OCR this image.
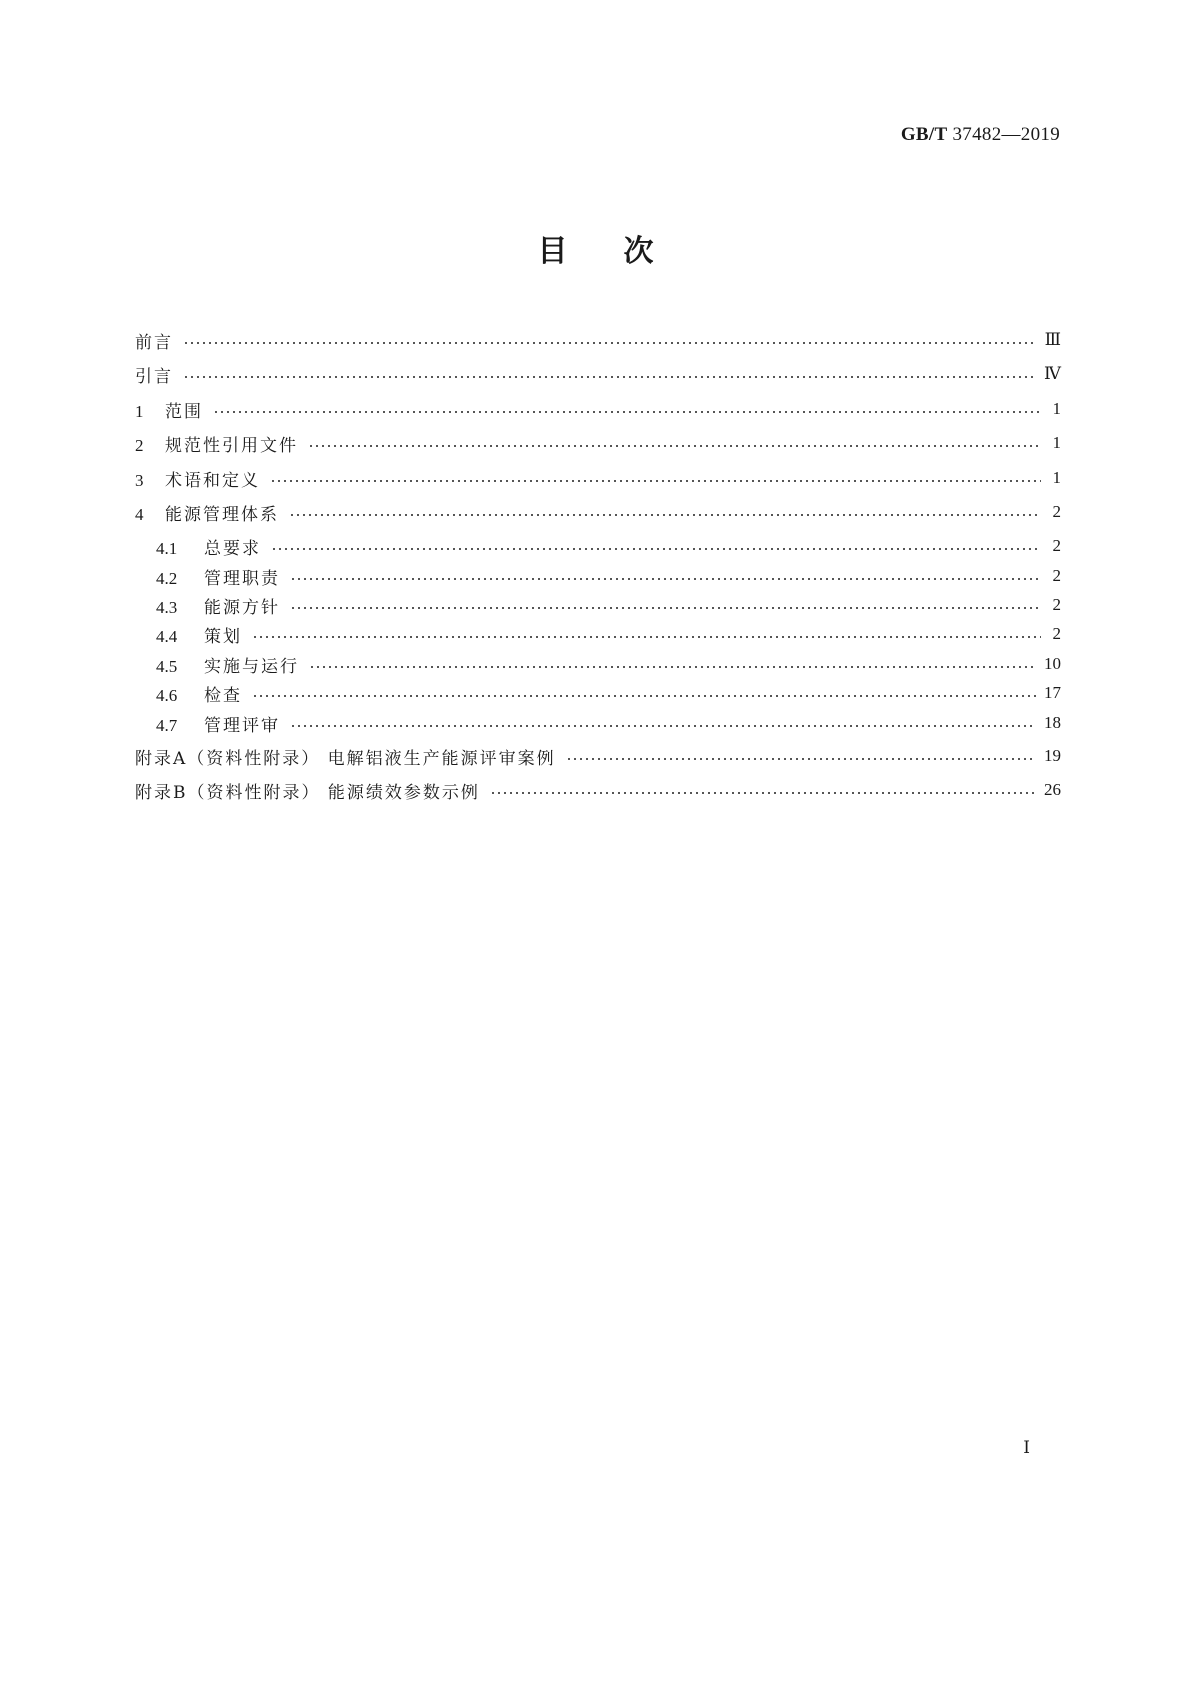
GB/T 37482—2019
目次
前言	Ⅲ
引言	Ⅳ
1 范围	1
2 规范性引用文件	1
3 术语和定义	1
4 能源管理体系	2
4.1 总要求	2
4.2 管理职责	2
4.3 能源方针	2
4.4 策划	2
4.5 实施与运行	10
4.6 检查	17
4.7 管理评审	18
附录A（资料性附录） 电解铝液生产能源评审案例	19
附录B（资料性附录） 能源绩效参数示例	26
Ⅰ
